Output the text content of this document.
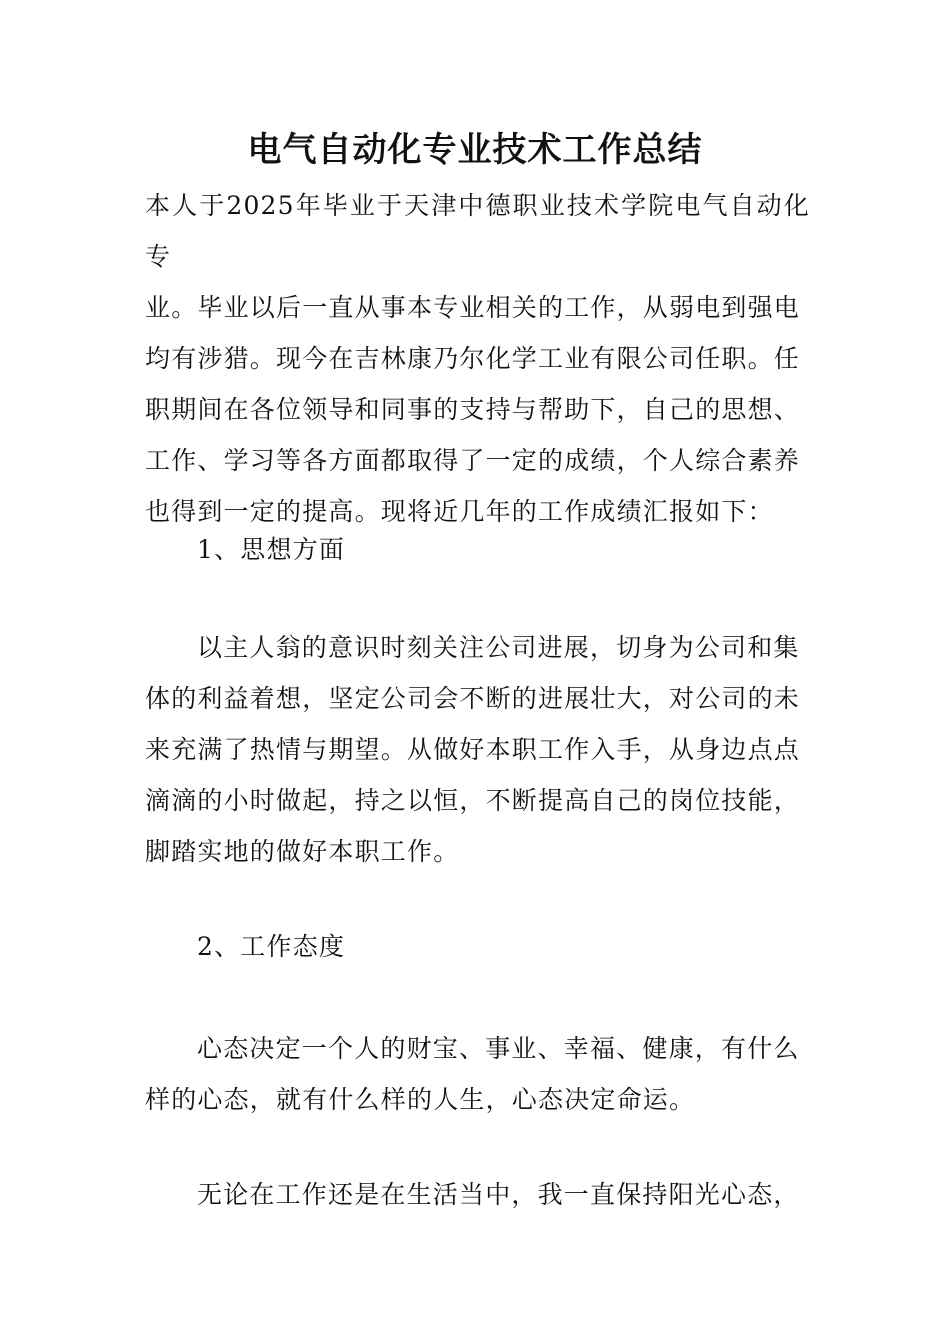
电气自动化专业技术工作总结
本人于2025年毕业于天津中德职业技术学院电气自动化专
业。毕业以后一直从事本专业相关的工作，从弱电到强电
均有涉猎。现今在吉林康乃尔化学工业有限公司任职。任
职期间在各位领导和同事的支持与帮助下，自己的思想、
工作、学习等各方面都取得了一定的成绩，个人综合素养
也得到一定的提高。现将近几年的工作成绩汇报如下：
1、思想方面
以主人翁的意识时刻关注公司进展，切身为公司和集
体的利益着想，坚定公司会不断的进展壮大，对公司的未
来充满了热情与期望。从做好本职工作入手，从身边点点
滴滴的小时做起，持之以恒，不断提高自己的岗位技能，
脚踏实地的做好本职工作。
2、工作态度
心态决定一个人的财宝、事业、幸福、健康，有什么
样的心态，就有什么样的人生，心态决定命运。
无论在工作还是在生活当中，我一直保持阳光心态，
